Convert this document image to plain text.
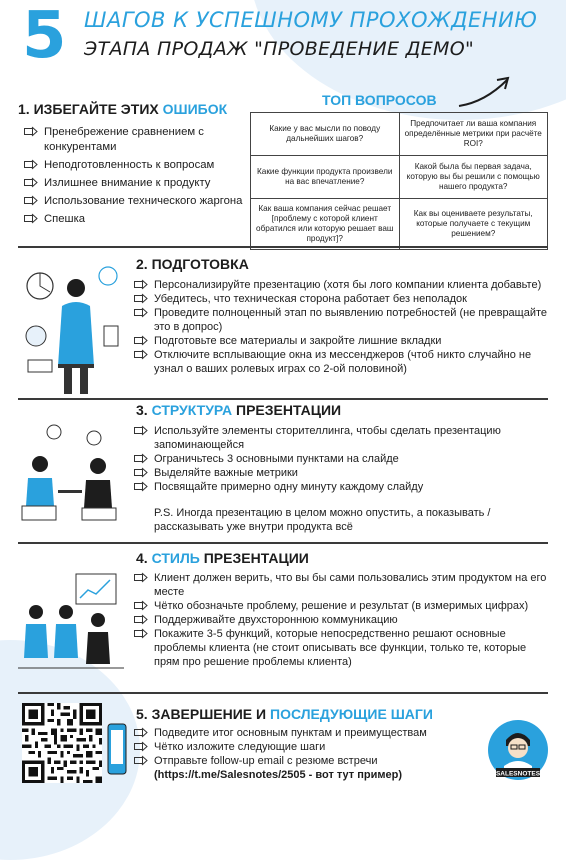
5 ШАГОВ К УСПЕШНОМУ ПРОХОЖДЕНИЮ
ЭТАПА ПРОДАЖ "ПРОВЕДЕНИЕ ДЕМО"
1. ИЗБЕГАЙТЕ ЭТИХ ОШИБОК
Пренебрежение сравнением с конкурентами
Неподготовленность к вопросам
Излишнее внимание к продукту
Использование технического жаргона
Спешка
ТОП ВОПРОСОВ
Какие у вас мысли по поводу дальнейших шагов?	Предпочитает ли ваша компания определённые метрики при расчёте ROI?
Какие функции продукта произвели на вас впечатление?	Какой была бы первая задача, которую вы бы решили с помощью нашего продукта?
Как ваша компания сейчас решает [проблему с которой клиент обратился или которую решает ваш продукт]?	Как вы оцениваете результаты, которые получаете с текущим решением?
2. ПОДГОТОВКА
Персонализируйте презентацию (хотя бы лого компании клиента добавьте)
Убедитесь, что техническая сторона работает без неполадок
Проведите полноценный этап по выявлению потребностей (не превращайте это в допрос)
Подготовьте все материалы и закройте лишние вкладки
Отключите всплывающие окна из мессенджеров (чтоб никто случайно не узнал о ваших ролевых играх со 2-ой половиной)
3. СТРУКТУРА ПРЕЗЕНТАЦИИ
Используйте элементы сторителлинга, чтобы сделать презентацию запоминающейся
Ограничьтесь 3 основными пунктами на слайде
Выделяйте важные метрики
Посвящайте примерно одну минуту каждому слайду
P.S. Иногда презентацию в целом можно опустить, а показывать / рассказывать уже внутри продукта всё
4. СТИЛЬ ПРЕЗЕНТАЦИИ
Клиент должен верить, что вы бы сами пользовались этим продуктом на его месте
Чётко обозначьте проблему, решение и результат (в измеримых цифрах)
Поддерживайте двухстороннюю коммуникацию
Покажите 3-5 функций, которые непосредственно решают основные проблемы клиента (не стоит описывать все функции, только те, которые прям про решение проблемы клиента)
5. ЗАВЕРШЕНИЕ И ПОСЛЕДУЮЩИЕ ШАГИ
Подведите итог основным пунктам и преимуществам
Чётко изложите следующие шаги
Отправьте follow-up email с резюме встречи
(https://t.me/Salesnotes/2505 - вот тут пример)	SALESNOTES
